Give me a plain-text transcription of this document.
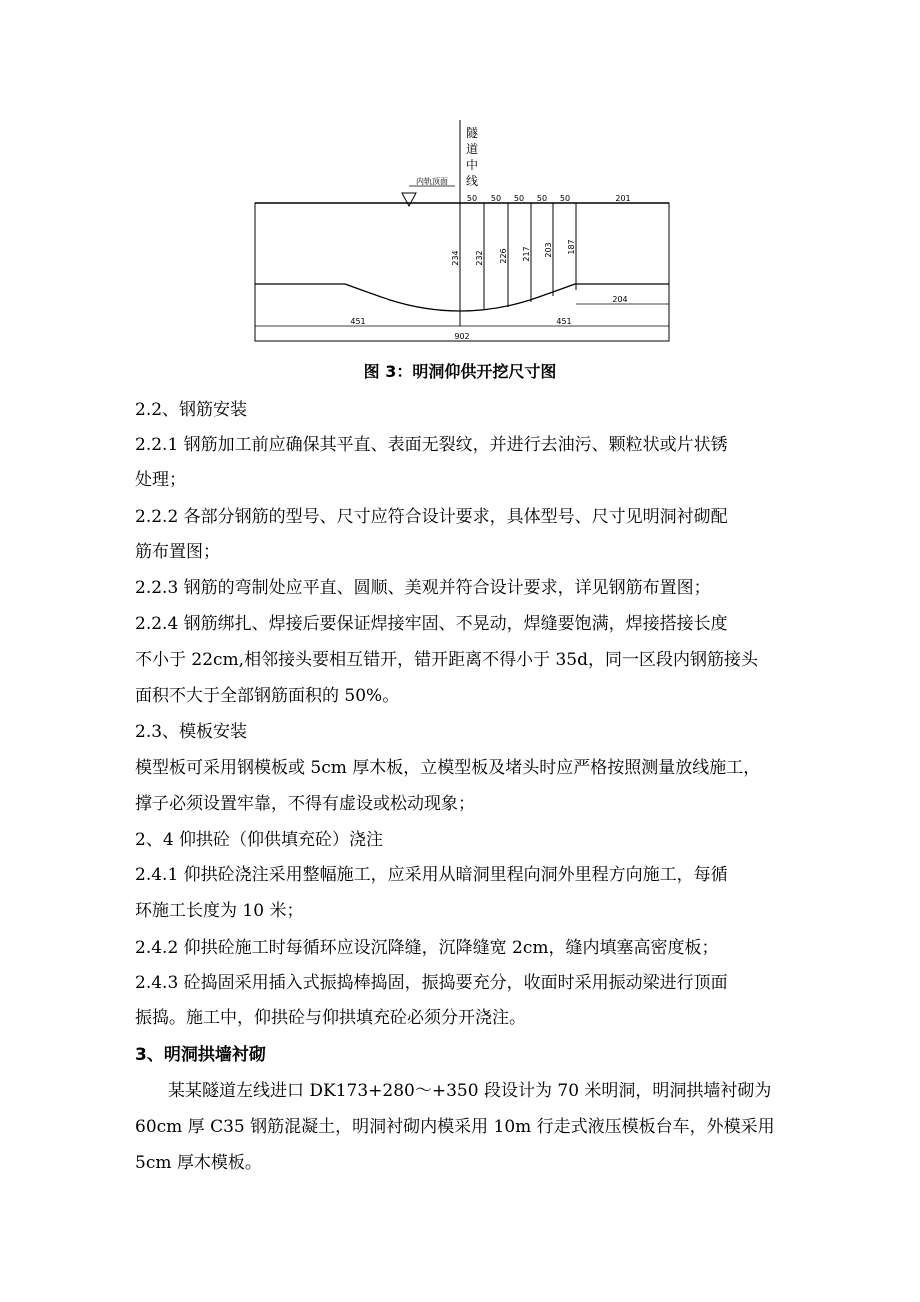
隧
道
中
线
内轨顶面
50 50 50 50 50	201
234 232 226 217 203 187
204
451	451
902
图 3：明洞仰供开挖尺寸图
2.2、钢筋安装
2.2.1 钢筋加工前应确保其平直、表面无裂纹，并进行去油污、颗粒状或片状锈
处理；
2.2.2 各部分钢筋的型号、尺寸应符合设计要求，具体型号、尺寸见明洞衬砌配
筋布置图；
2.2.3 钢筋的弯制处应平直、圆顺、美观并符合设计要求，详见钢筋布置图；
2.2.4 钢筋绑扎、焊接后要保证焊接牢固、不晃动，焊缝要饱满，焊接搭接长度
不小于 22cm,相邻接头要相互错开，错开距离不得小于 35d，同一区段内钢筋接头
面积不大于全部钢筋面积的 50%。
2.3、模板安装
模型板可采用钢模板或 5cm 厚木板，立模型板及堵头时应严格按照测量放线施工，
撑子必须设置牢靠，不得有虚设或松动现象；
2、4 仰拱砼（仰供填充砼）浇注
2.4.1 仰拱砼浇注采用整幅施工，应采用从暗洞里程向洞外里程方向施工，每循
环施工长度为 10 米；
2.4.2 仰拱砼施工时每循环应设沉降缝，沉降缝宽 2cm，缝内填塞高密度板；
2.4.3 砼捣固采用插入式振捣棒捣固，振捣要充分，收面时采用振动梁进行顶面
振捣。施工中，仰拱砼与仰拱填充砼必须分开浇注。
3、明洞拱墙衬砌
某某隧道左线进口 DK173+280～+350 段设计为 70 米明洞，明洞拱墙衬砌为
60cm 厚 C35 钢筋混凝土，明洞衬砌内模采用 10m 行走式液压模板台车，外模采用
5cm 厚木模板。
